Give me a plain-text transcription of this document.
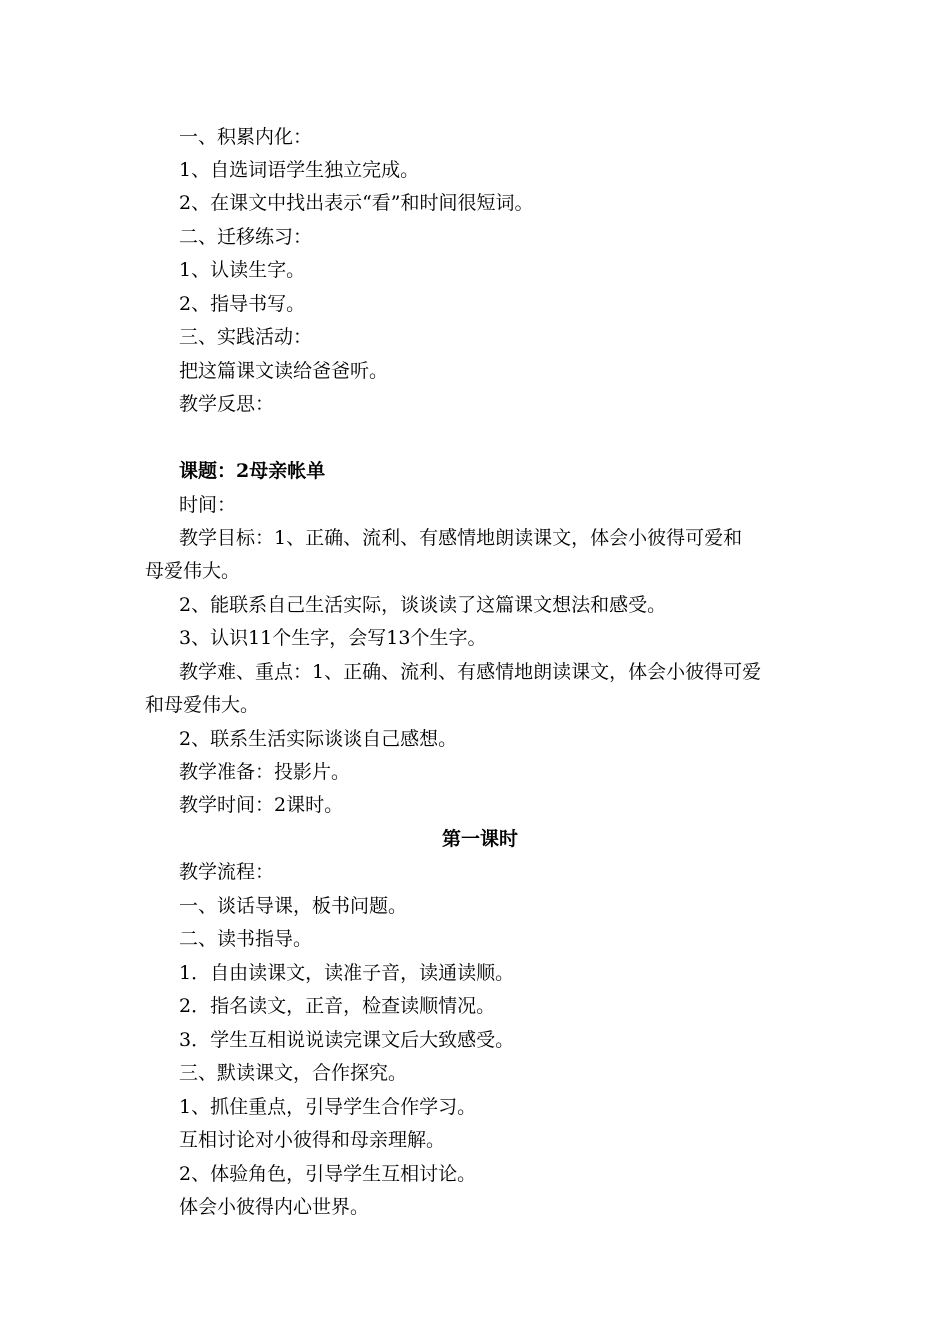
一、积累内化：
1、自选词语学生独立完成。
2、在课文中找出表示“看”和时间很短词。
二、迁移练习：
1、认读生字。
2、指导书写。
三、实践活动：
把这篇课文读给爸爸听。
教学反思：
课题：2母亲帐单
时间：
教学目标：1、正确、流利、有感情地朗读课文，体会小彼得可爱和
母爱伟大。
2、能联系自己生活实际，谈谈读了这篇课文想法和感受。
3、认识11个生字，会写13个生字。
教学难、重点：1、正确、流利、有感情地朗读课文，体会小彼得可爱
和母爱伟大。
2、联系生活实际谈谈自己感想。
教学准备：投影片。
教学时间：2课时。
第一课时
教学流程：
一、谈话导课，板书问题。
二、读书指导。
1．自由读课文，读准子音，读通读顺。
2．指名读文，正音，检查读顺情况。
3．学生互相说说读完课文后大致感受。
三、默读课文，合作探究。
1、抓住重点，引导学生合作学习。
互相讨论对小彼得和母亲理解。
2、体验角色，引导学生互相讨论。
体会小彼得内心世界。
